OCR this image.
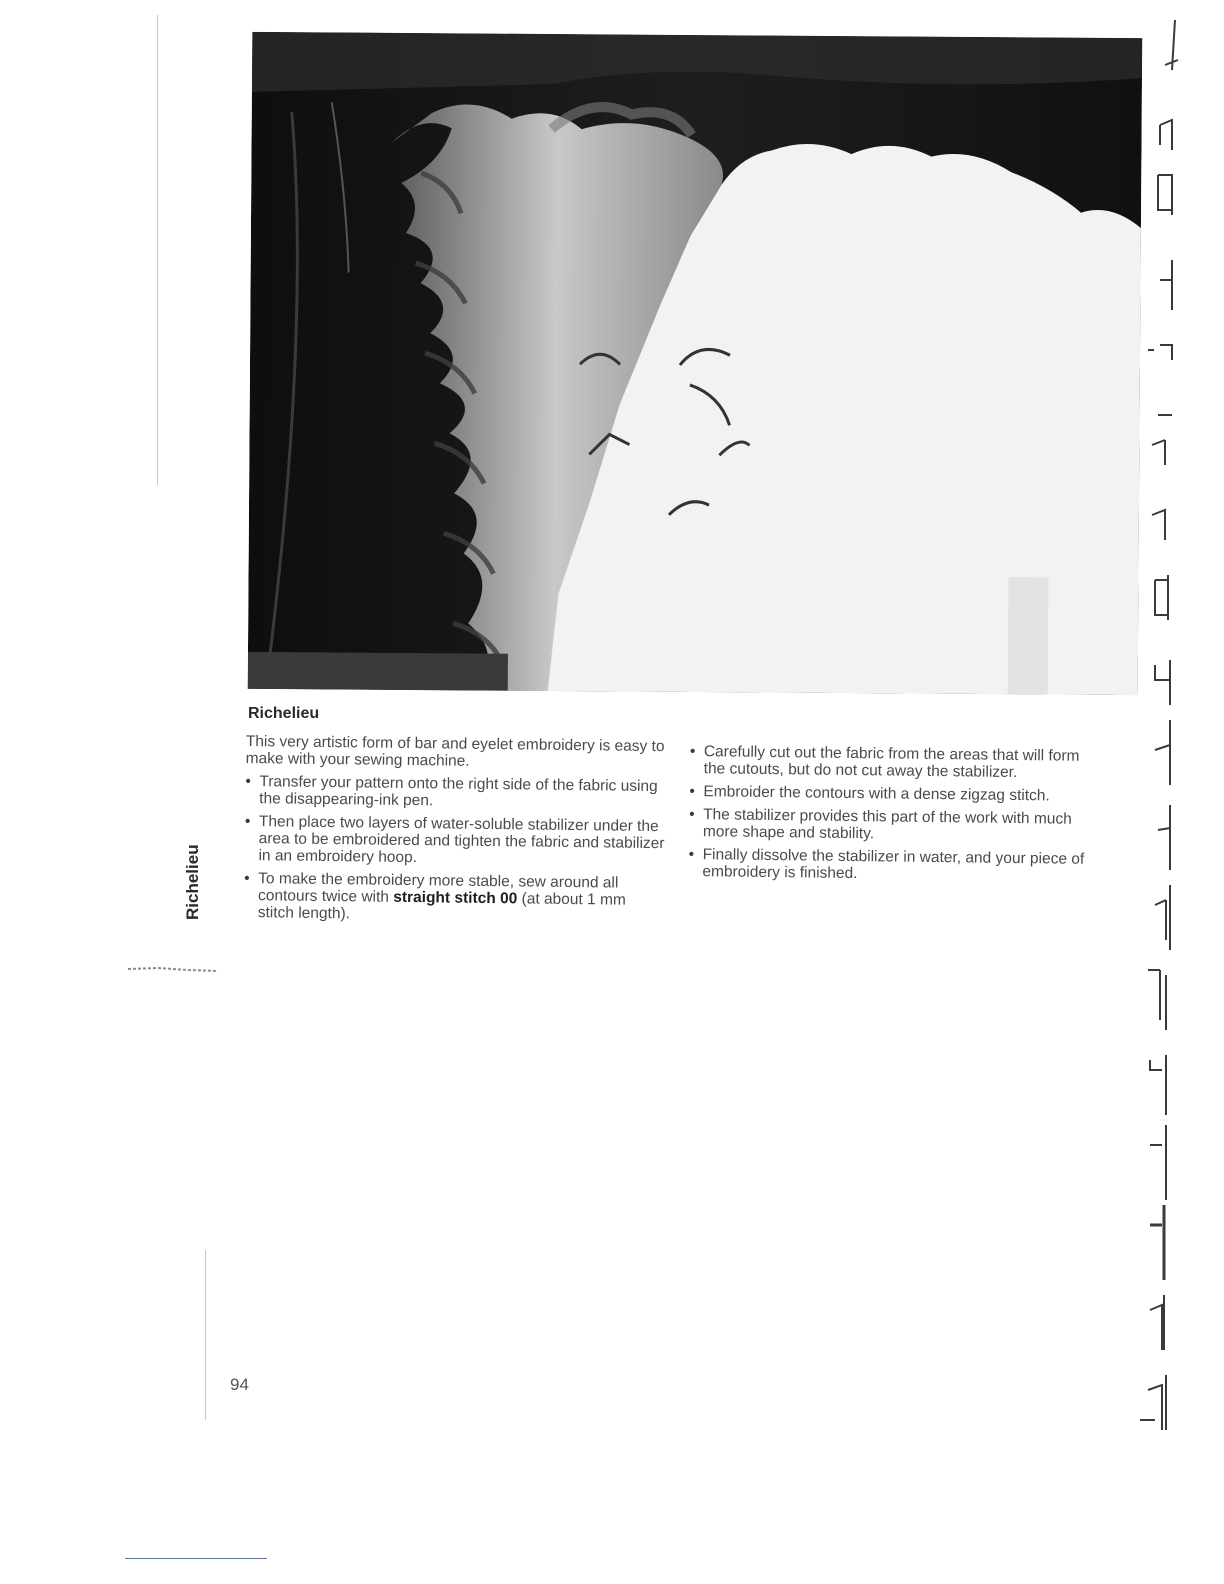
Richelieu

This very artistic form of bar and eyelet embroidery is easy to make with your sewing machine.

• Transfer your pattern onto the right side of the fabric using the disappearing-ink pen.
• Then place two layers of water-soluble stabilizer under the area to be embroidered and tighten the fabric and stabilizer in an embroidery hoop.
• To make the embroidery more stable, sew around all contours twice with straight stitch 00 (at about 1 mm stitch length).
• Carefully cut out the fabric from the areas that will form the cutouts, but do not cut away the stabilizer.
• Embroider the contours with a dense zigzag stitch.
• The stabilizer provides this part of the work with much more shape and stability.
• Finally dissolve the stabilizer in water, and your piece of embroidery is finished.
Richelieu
94
